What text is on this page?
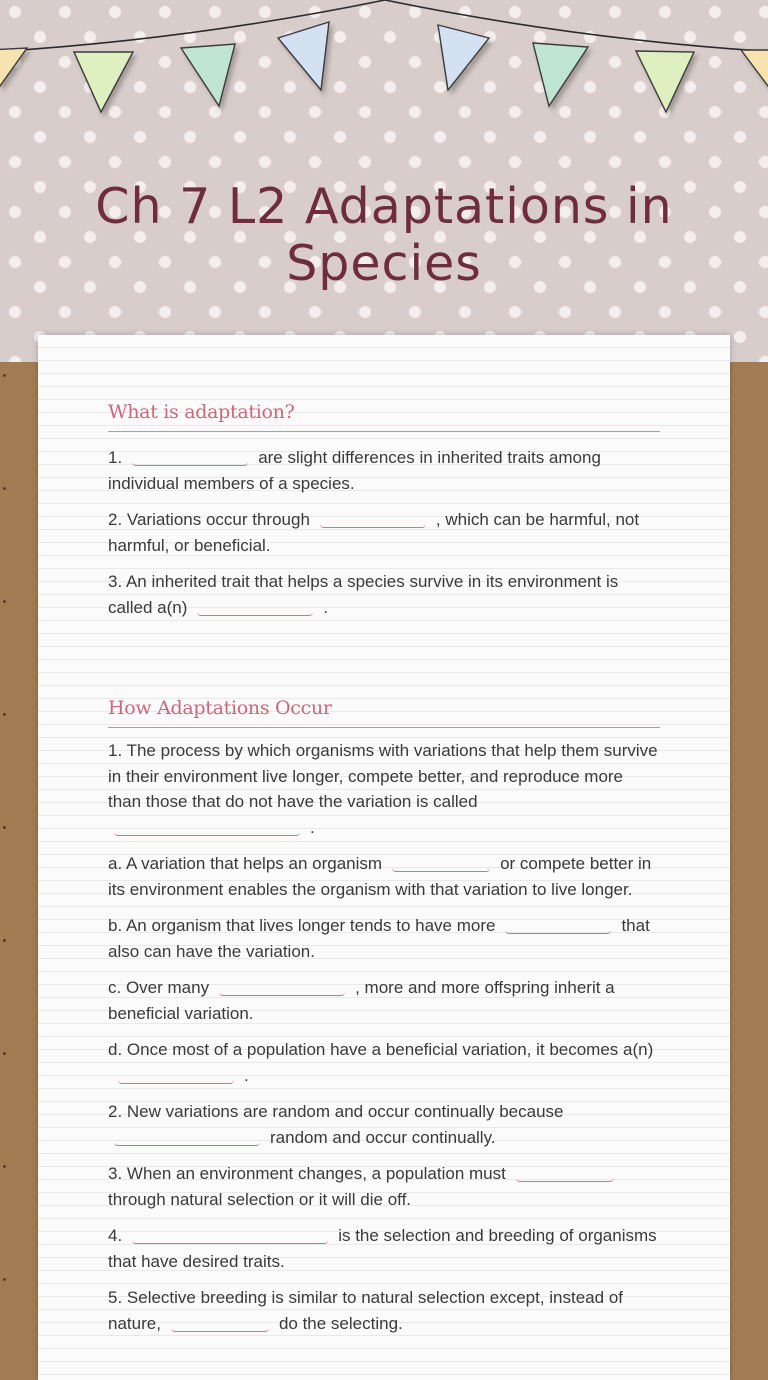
Ch 7 L2 Adaptations in Species
What is adaptation?
1.	are slight differences in inherited traits among individual members of a species.
2. Variations occur through	, which can be harmful, not harmful, or beneficial.
3. An inherited trait that helps a species survive in its environment is called a(n)	.
How Adaptations Occur
1. The process by which organisms with variations that help them survive in their environment live longer, compete better, and reproduce more than those that do not have the variation is called.
a. A variation that helps an organism	or compete better in its environment enables the organism with that variation to live longer.
b. An organism that lives longer tends to have more	that also can have the variation.
c. Over many	, more and more offspring inherit a beneficial variation.
d. Once most of a population have a beneficial variation, it becomes a(n).
2. New variations are random and occur continually becauserandom and occur continually.
3. When an environment changes, a population mustthrough natural selection or it will die off.
4.	is the selection and breeding of organisms that have desired traits.
5. Selective breeding is similar to natural selection except, instead of nature,	do the selecting.
